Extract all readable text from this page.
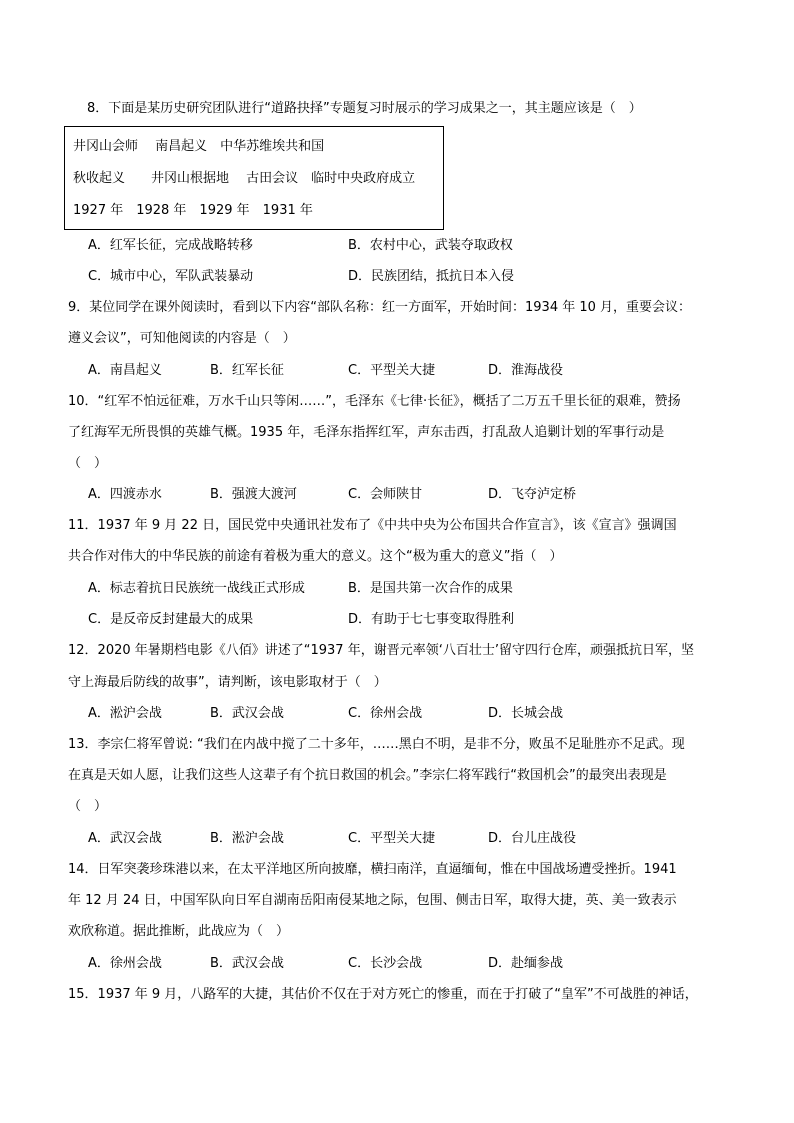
8．下面是某历史研究团队进行“道路抉择”专题复习时展示的学习成果之一，其主题应该是（　）
井冈山会师　 南昌起义　中华苏维埃共和国
秋收起义　　井冈山根据地　 古田会议　临时中央政府成立
1927 年　1928 年　1929 年　1931 年
A．红军长征，完成战略转移	B．农村中心，武装夺取政权
C．城市中心，军队武装暴动	D．民族团结，抵抗日本入侵
9．某位同学在课外阅读时，看到以下内容“部队名称：红一方面军，开始时间：1934 年 10 月，重要会议：
遵义会议”，可知他阅读的内容是（　）
A．南昌起义	B．红军长征	C．平型关大捷	D．淮海战役
10．“红军不怕远征难，万水千山只等闲……”，毛泽东《七律·长征》，概括了二万五千里长征的艰难，赞扬
了红海军无所畏惧的英雄气概。1935 年，毛泽东指挥红军，声东击西，打乱敌人追剿计划的军事行动是
（　）
A．四渡赤水	B．强渡大渡河	C．会师陕甘	D．飞夺泸定桥
11．1937 年 9 月 22 日，国民党中央通讯社发布了《中共中央为公布国共合作宣言》，该《宣言》强调国
共合作对伟大的中华民族的前途有着极为重大的意义。这个“极为重大的意义”指（　）
A．标志着抗日民族统一战线正式形成	B．是国共第一次合作的成果
C．是反帝反封建最大的成果	D．有助于七七事变取得胜利
12．2020 年暑期档电影《八佰》讲述了“1937 年，谢晋元率领‘八百壮士’留守四行仓库，顽强抵抗日军，坚
守上海最后防线的故事”，请判断，该电影取材于（　）
A．淞沪会战	B．武汉会战	C．徐州会战	D．长城会战
13．李宗仁将军曾说: “我们在内战中搅了二十多年，……黑白不明，是非不分，败虽不足耻胜亦不足武。现
在真是天如人愿，让我们这些人这辈子有个抗日救国的机会。”李宗仁将军践行“救国机会”的最突出表现是
（　）
A．武汉会战	B．淞沪会战	C．平型关大捷	D．台儿庄战役
14．日军突袭珍珠港以来，在太平洋地区所向披靡，横扫南洋，直逼缅甸，惟在中国战场遭受挫折。1941
年 12 月 24 日，中国军队向日军自湖南岳阳南侵某地之际，包围、侧击日军，取得大捷，英、美一致表示
欢欣称道。据此推断，此战应为（　）
A．徐州会战	B．武汉会战	C．长沙会战	D．赴缅参战
15．1937 年 9 月，八路军的大捷，其估价不仅在于对方死亡的惨重，而在于打破了“皇军”不可战胜的神话，
